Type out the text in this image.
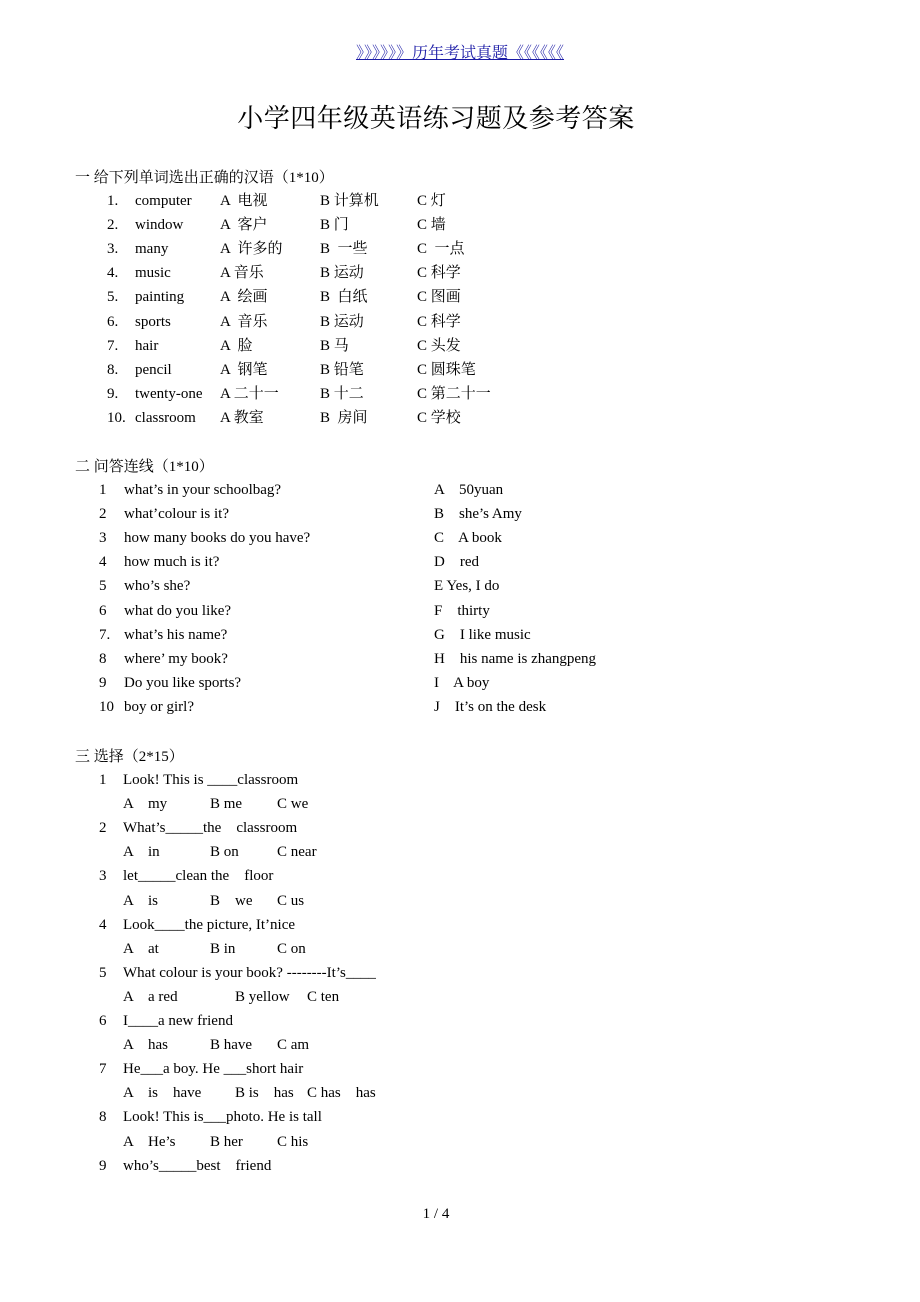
》》》》》》历年考试真题《《《《《《
小学四年级英语练习题及参考答案
一 给下列单词选出正确的汉语（1*10）
1. computer A  电视	B 计算机	C 灯
2. window A  客户	B 门	C 墙
3. many	A  许多的 B  一些	C  一点
4. music	A 音乐	B 运动	C 科学
5. painting A  绘画	B  白纸	C 图画
6. sports	A  音乐	B 运动	C 科学
7. hair	A  脸	B 马	C 头发
8. pencil	A  钢笔	B 铅笔	C 圆珠笔
9. twenty-one A 二十一	B 十二	C 第二十一
10. classroom A 教室	B  房间	C 学校
二 问答连线（1*10）
1 what’s in your schoolbag?	A    50yuan
2 what’colour is it?	B    she’s Amy
3 how many books do you have?	C    A book
4 how much is it?	D    red
5 who’s she?	E Yes, I do
6 what do you like?	F    thirty
7. what’s his name?	G    I like music
8 where’ my book?	H    his name is zhangpeng
9 Do you like sports?	I    A boy
10 boy or girl?	J    It’s on the desk
三 选择（2*15）
1 Look! This is ____classroom
A    my	B me C we
2 What’s_____the    classroom
A    in	B on	C near
3 let_____clean the    floor
A    is	B    we C us
4 Look____the picture, It’nice
A    at	B in	C on
5 What colour is your book? --------It’s____
A    a red	B yellow C ten
6 I____a new friend
A    has	B have C am
7 He___a boy. He ___short hair
A    is    have B is    has C has    has
8 Look! This is___photo. He is tall
A    He’s B her C his
9 who’s_____best    friend
1 / 4
